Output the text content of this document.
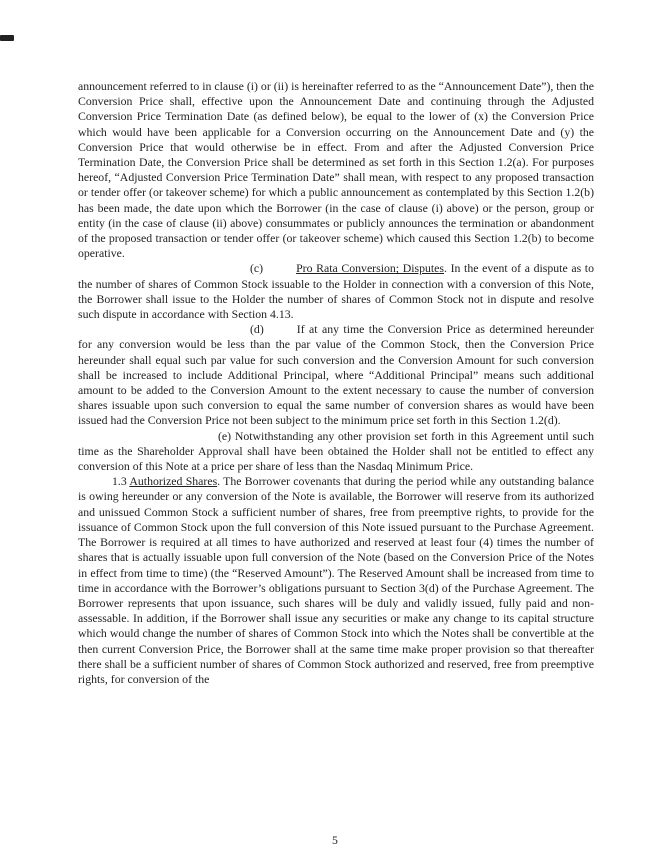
announcement referred to in clause (i) or (ii) is hereinafter referred to as the “Announcement Date”), then the Conversion Price shall, effective upon the Announcement Date and continuing through the Adjusted Conversion Price Termination Date (as defined below), be equal to the lower of (x) the Conversion Price which would have been applicable for a Conversion occurring on the Announcement Date and (y) the Conversion Price that would otherwise be in effect. From and after the Adjusted Conversion Price Termination Date, the Conversion Price shall be determined as set forth in this Section 1.2(a). For purposes hereof, “Adjusted Conversion Price Termination Date” shall mean, with respect to any proposed transaction or tender offer (or takeover scheme) for which a public announcement as contemplated by this Section 1.2(b) has been made, the date upon which the Borrower (in the case of clause (i) above) or the person, group or entity (in the case of clause (ii) above) consummates or publicly announces the termination or abandonment of the proposed transaction or tender offer (or takeover scheme) which caused this Section 1.2(b) to become operative.

(c)	Pro Rata Conversion; Disputes. In the event of a dispute as to the number of shares of Common Stock issuable to the Holder in connection with a conversion of this Note, the Borrower shall issue to the Holder the number of shares of Common Stock not in dispute and resolve such dispute in accordance with Section 4.13.

(d)	If at any time the Conversion Price as determined hereunder for any conversion would be less than the par value of the Common Stock, then the Conversion Price hereunder shall equal such par value for such conversion and the Conversion Amount for such conversion shall be increased to include Additional Principal, where “Additional Principal” means such additional amount to be added to the Conversion Amount to the extent necessary to cause the number of conversion shares issuable upon such conversion to equal the same number of conversion shares as would have been issued had the Conversion Price not been subject to the minimum price set forth in this Section 1.2(d).

(e) Notwithstanding any other provision set forth in this Agreement until such time as the Shareholder Approval shall have been obtained the Holder shall not be entitled to effect any conversion of this Note at a price per share of less than the Nasdaq Minimum Price.

1.3 Authorized Shares. The Borrower covenants that during the period while any outstanding balance is owing hereunder or any conversion of the Note is available, the Borrower will reserve from its authorized and unissued Common Stock a sufficient number of shares, free from preemptive rights, to provide for the issuance of Common Stock upon the full conversion of this Note issued pursuant to the Purchase Agreement. The Borrower is required at all times to have authorized and reserved at least four (4) times the number of shares that is actually issuable upon full conversion of the Note (based on the Conversion Price of the Notes in effect from time to time) (the “Reserved Amount”). The Reserved Amount shall be increased from time to time in accordance with the Borrower’s obligations pursuant to Section 3(d) of the Purchase Agreement. The Borrower represents that upon issuance, such shares will be duly and validly issued, fully paid and non-assessable. In addition, if the Borrower shall issue any securities or make any change to its capital structure which would change the number of shares of Common Stock into which the Notes shall be convertible at the then current Conversion Price, the Borrower shall at the same time make proper provision so that thereafter there shall be a sufficient number of shares of Common Stock authorized and reserved, free from preemptive rights, for conversion of the

5
